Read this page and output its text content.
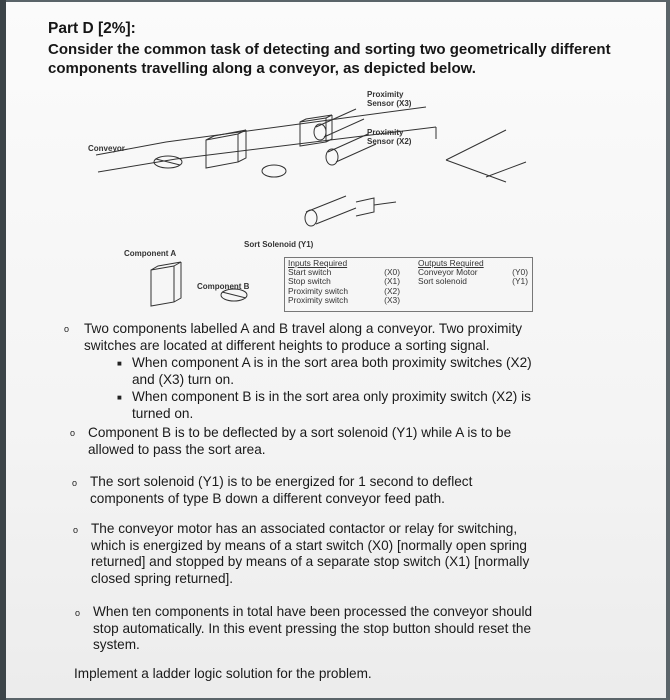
Part D [2%]:
Consider the common task of detecting and sorting two geometrically different components travelling along a conveyor, as depicted below.
Proximity
Sensor (X3)
Proximity
Sensor (X2)
Conveyor
Sort Solenoid (Y1)
Component A
Component B
Inputs Required
Start switch	(X0)
Stop switch	(X1)
Proximity switch	(X2)
Proximity switch	(X3)
Outputs Required
Conveyor Motor	(Y0)
Sort solenoid	(Y1)
o Two components labelled A and B travel along a conveyor. Two proximity
switches are located at different heights to produce a sorting signal.
■ When component A is in the sort area both proximity switches (X2)
and (X3) turn on.
■ When component B is in the sort area only proximity switch (X2) is
turned on.
o Component B is to be deflected by a sort solenoid (Y1) while A is to be
allowed to pass the sort area.
o The sort solenoid (Y1) is to be energized for 1 second to deflect
components of type B down a different conveyor feed path.
o The conveyor motor has an associated contactor or relay for switching,
which is energized by means of a start switch (X0) [normally open spring
returned] and stopped by means of a separate stop switch (X1) [normally
closed spring returned].
o When ten components in total have been processed the conveyor should
stop automatically. In this event pressing the stop button should reset the
system.
Implement a ladder logic solution for the problem.
